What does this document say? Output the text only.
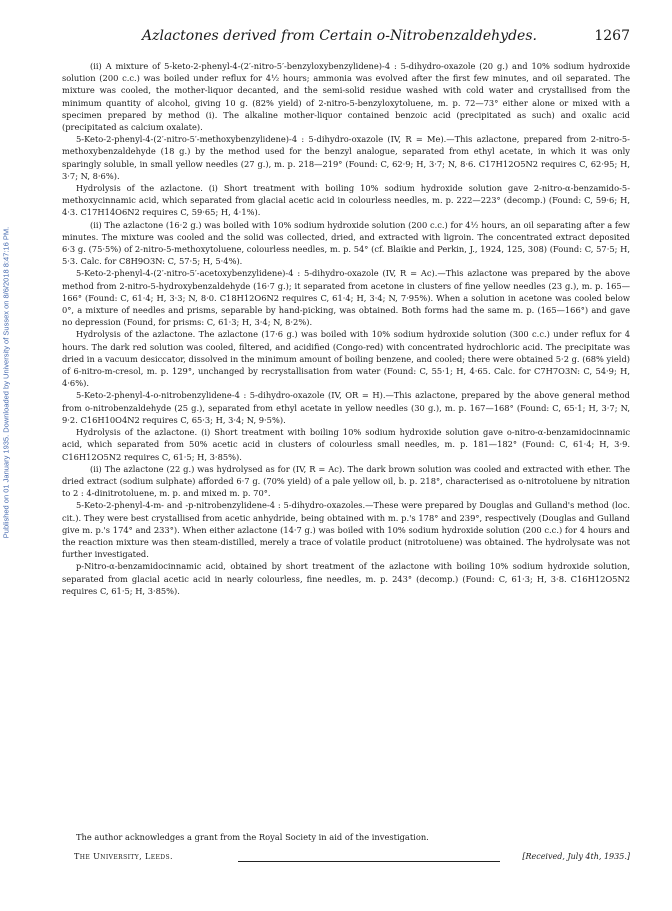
Published on 01 January 1935. Downloaded by University of Sussex on 8/6/2018 8:47:16 PM.
Azlactones derived from Certain o-Nitrobenzaldehydes.	1267

(ii) A mixture of 5-keto-2-phenyl-4-(2′-nitro-5′-benzyloxybenzylidene)-4 : 5-dihydro-oxazole (20 g.) and 10% sodium hydroxide solution (200 c.c.) was boiled under reflux for 4½ hours; ammonia was evolved after the first few minutes, and oil separated. The mixture was cooled, the mother-liquor decanted, and the semi-solid residue washed with cold water and crystallised from the minimum quantity of alcohol, giving 10 g. (82% yield) of 2-nitro-5-benzyloxytoluene, m. p. 72—73° either alone or mixed with a specimen prepared by method (i). The alkaline mother-liquor contained benzoic acid (precipitated as such) and oxalic acid (precipitated as calcium oxalate).

5-Keto-2-phenyl-4-(2′-nitro-5′-methoxybenzylidene)-4 : 5-dihydro-oxazole (IV, R = Me).—This azlactone, prepared from 2-nitro-5-methoxybenzaldehyde (18 g.) by the method used for the benzyl analogue, separated from ethyl acetate, in which it was only sparingly soluble, in small yellow needles (27 g.), m. p. 218—219° (Found: C, 62·9; H, 3·7; N, 8·6. C17H12O5N2 requires C, 62·95; H, 3·7; N, 8·6%).

Hydrolysis of the azlactone. (i) Short treatment with boiling 10% sodium hydroxide solution gave 2-nitro-α-benzamido-5-methoxycinnamic acid, which separated from glacial acetic acid in colourless needles, m. p. 222—223° (decomp.) (Found: C, 59·6; H, 4·3. C17H14O6N2 requires C, 59·65; H, 4·1%).

(ii) The azlactone (16·2 g.) was boiled with 10% sodium hydroxide solution (200 c.c.) for 4½ hours, an oil separating after a few minutes. The mixture was cooled and the solid was collected, dried, and extracted with ligroin. The concentrated extract deposited 6·3 g. (75·5%) of 2-nitro-5-methoxytoluene, colourless needles, m. p. 54° (cf. Blaikie and Perkin, J., 1924, 125, 308) (Found: C, 57·5; H, 5·3. Calc. for C8H9O3N: C, 57·5; H, 5·4%).

5-Keto-2-phenyl-4-(2′-nitro-5′-acetoxybenzylidene)-4 : 5-dihydro-oxazole (IV, R = Ac).—This azlactone was prepared by the above method from 2-nitro-5-hydroxybenzaldehyde (16·7 g.); it separated from acetone in clusters of fine yellow needles (23 g.), m. p. 165—166° (Found: C, 61·4; H, 3·3; N, 8·0. C18H12O6N2 requires C, 61·4; H, 3·4; N, 7·95%). When a solution in acetone was cooled below 0°, a mixture of needles and prisms, separable by hand-picking, was obtained. Both forms had the same m. p. (165—166°) and gave no depression (Found, for prisms: C, 61·3; H, 3·4; N, 8·2%).

Hydrolysis of the azlactone. The azlactone (17·6 g.) was boiled with 10% sodium hydroxide solution (300 c.c.) under reflux for 4 hours. The dark red solution was cooled, filtered, and acidified (Congo-red) with concentrated hydrochloric acid. The precipitate was dried in a vacuum desiccator, dissolved in the minimum amount of boiling benzene, and cooled; there were obtained 5·2 g. (68% yield) of 6-nitro-m-cresol, m. p. 129°, unchanged by recrystallisation from water (Found: C, 55·1; H, 4·65. Calc. for C7H7O3N: C, 54·9; H, 4·6%).

5-Keto-2-phenyl-4-o-nitrobenzylidene-4 : 5-dihydro-oxazole (IV, OR = H).—This azlactone, prepared by the above general method from o-nitrobenzaldehyde (25 g.), separated from ethyl acetate in yellow needles (30 g.), m. p. 167—168° (Found: C, 65·1; H, 3·7; N, 9·2. C16H10O4N2 requires C, 65·3; H, 3·4; N, 9·5%).

Hydrolysis of the azlactone. (i) Short treatment with boiling 10% sodium hydroxide solution gave o-nitro-α-benzamidocinnamic acid, which separated from 50% acetic acid in clusters of colourless small needles, m. p. 181—182° (Found: C, 61·4; H, 3·9. C16H12O5N2 requires C, 61·5; H, 3·85%).

(ii) The azlactone (22 g.) was hydrolysed as for (IV, R = Ac). The dark brown solution was cooled and extracted with ether. The dried extract (sodium sulphate) afforded 6·7 g. (70% yield) of a pale yellow oil, b. p. 218°, characterised as o-nitrotoluene by nitration to 2 : 4-dinitrotoluene, m. p. and mixed m. p. 70°.

5-Keto-2-phenyl-4-m- and -p-nitrobenzylidene-4 : 5-dihydro-oxazoles.—These were prepared by Douglas and Gulland's method (loc. cit.). They were best crystallised from acetic anhydride, being obtained with m. p.'s 178° and 239°, respectively (Douglas and Gulland give m. p.'s 174° and 233°). When either azlactone (14·7 g.) was boiled with 10% sodium hydroxide solution (200 c.c.) for 4 hours and the reaction mixture was then steam-distilled, merely a trace of volatile product (nitrotoluene) was obtained. The hydrolysate was not further investigated.

p-Nitro-α-benzamidocinnamic acid, obtained by short treatment of the azlactone with boiling 10% sodium hydroxide solution, separated from glacial acetic acid in nearly colourless, fine needles, m. p. 243° (decomp.) (Found: C, 61·3; H, 3·8. C16H12O5N2 requires C, 61·5; H, 3·85%).

The author acknowledges a grant from the Royal Society in aid of the investigation.

The University, Leeds.	[Received, July 4th, 1935.]
